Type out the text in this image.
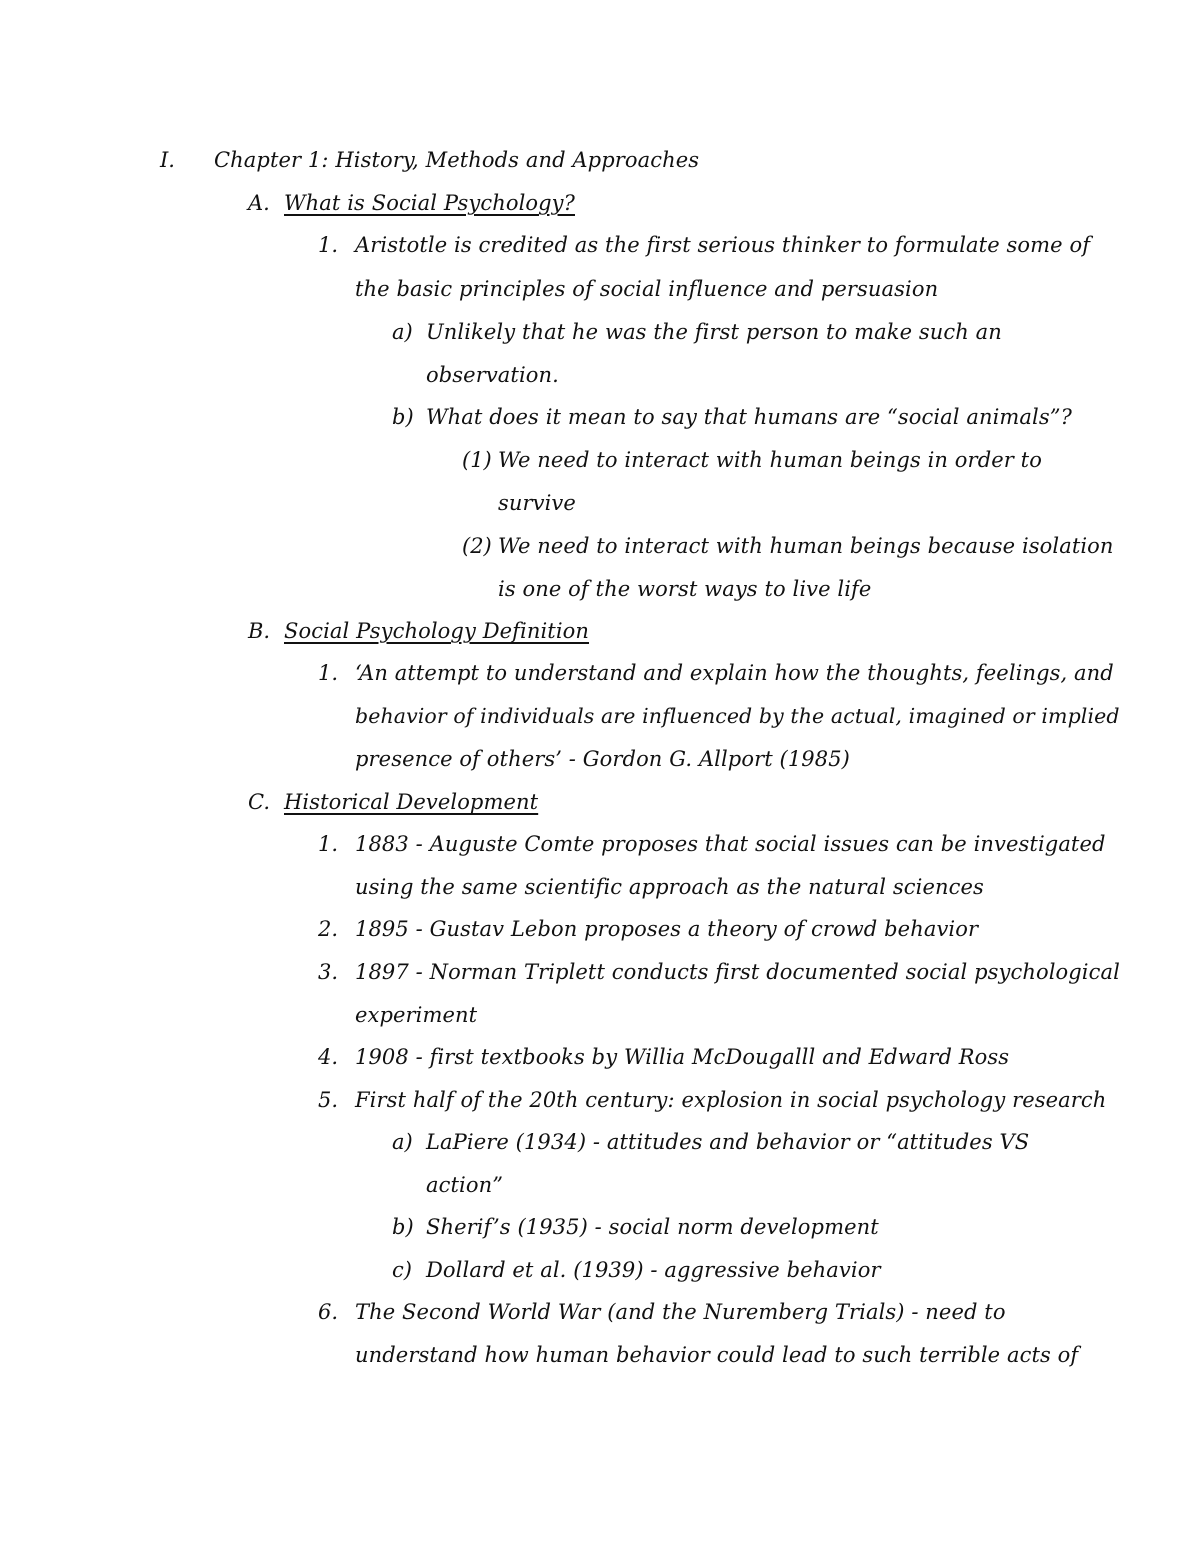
I. Chapter 1: History, Methods and Approaches
A. What is Social Psychology?
1. Aristotle is credited as the first serious thinker to formulate some of
the basic principles of social influence and persuasion
a) Unlikely that he was the first person to make such an
observation.
b) What does it mean to say that humans are “social animals”?
(1) We need to interact with human beings in order to
survive
(2) We need to interact with human beings because isolation
is one of the worst ways to live life
B. Social Psychology Definition
1. ‘An attempt to understand and explain how the thoughts, feelings, and
behavior of individuals are influenced by the actual, imagined or implied
presence of others’ - Gordon G. Allport (1985)
C. Historical Development
1. 1883 - Auguste Comte proposes that social issues can be investigated
using the same scientific approach as the natural sciences
2. 1895 - Gustav Lebon proposes a theory of crowd behavior
3. 1897 - Norman Triplett conducts first documented social psychological
experiment
4. 1908 - first textbooks by Willia McDougalll and Edward Ross
5. First half of the 20th century: explosion in social psychology research
a) LaPiere (1934) - attitudes and behavior or “attitudes VS
action”
b) Sherif’s (1935) - social norm development
c) Dollard et al. (1939) - aggressive behavior
6. The Second World War (and the Nuremberg Trials) - need to
understand how human behavior could lead to such terrible acts of
